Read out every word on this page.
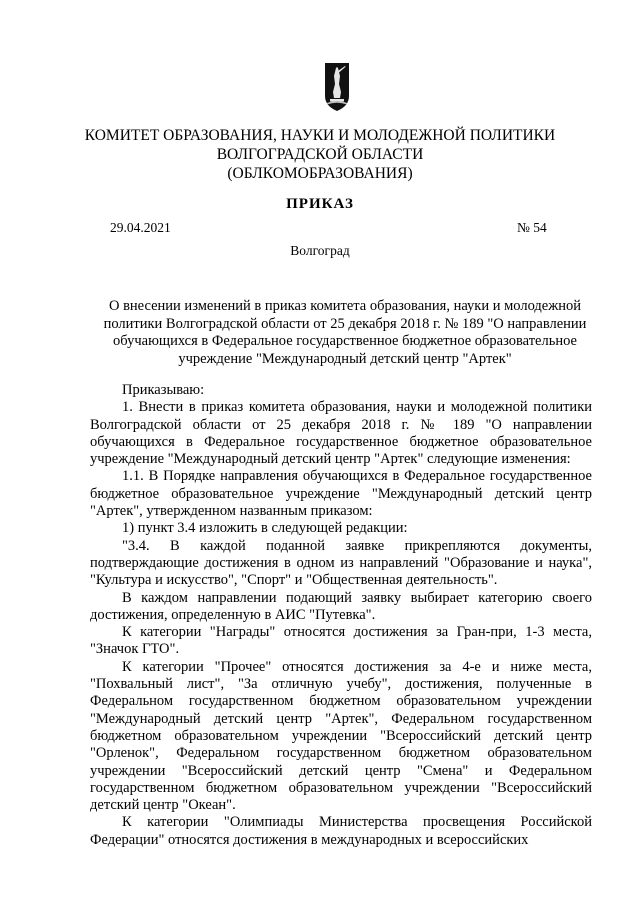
КОМИТЕТ ОБРАЗОВАНИЯ, НАУКИ И МОЛОДЕЖНОЙ ПОЛИТИКИ
ВОЛГОГРАДСКОЙ ОБЛАСТИ
(ОБЛКОМОБРАЗОВАНИЯ)
ПРИКАЗ
29.04.2021	№ 54
Волгоград
О внесении изменений в приказ комитета образования, науки и молодежной политики Волгоградской области от 25 декабря 2018 г. № 189 "О направлении обучающихся в Федеральное государственное бюджетное образовательное учреждение "Международный детский центр "Артек"

Приказываю:

1. Внести в приказ комитета образования, науки и молодежной политики Волгоградской области от 25 декабря 2018 г. № 189 "О направлении обучающихся в Федеральное государственное бюджетное образовательное учреждение "Международный детский центр "Артек" следующие изменения:

1.1. В Порядке направления обучающихся в Федеральное государственное бюджетное образовательное учреждение "Международный детский центр "Артек", утвержденном названным приказом:

1) пункт 3.4 изложить в следующей редакции:

"3.4. В каждой поданной заявке прикрепляются документы, подтверждающие достижения в одном из направлений "Образование и наука", "Культура и искусство", "Спорт" и "Общественная деятельность".

В каждом направлении подающий заявку выбирает категорию своего достижения, определенную в АИС "Путевка".

К категории "Награды" относятся достижения за Гран-при, 1-3 места, "Значок ГТО".

К категории "Прочее" относятся достижения за 4-е и ниже места, "Похвальный лист", "За отличную учебу", достижения, полученные в Федеральном государственном бюджетном образовательном учреждении "Международный детский центр "Артек", Федеральном государственном бюджетном образовательном учреждении "Всероссийский детский центр "Орленок", Федеральном государственном бюджетном образовательном учреждении "Всероссийский детский центр "Смена" и Федеральном государственном бюджетном образовательном учреждении "Всероссийский детский центр "Океан".

К категории "Олимпиады Министерства просвещения Российской Федерации" относятся достижения в международных и всероссийских
